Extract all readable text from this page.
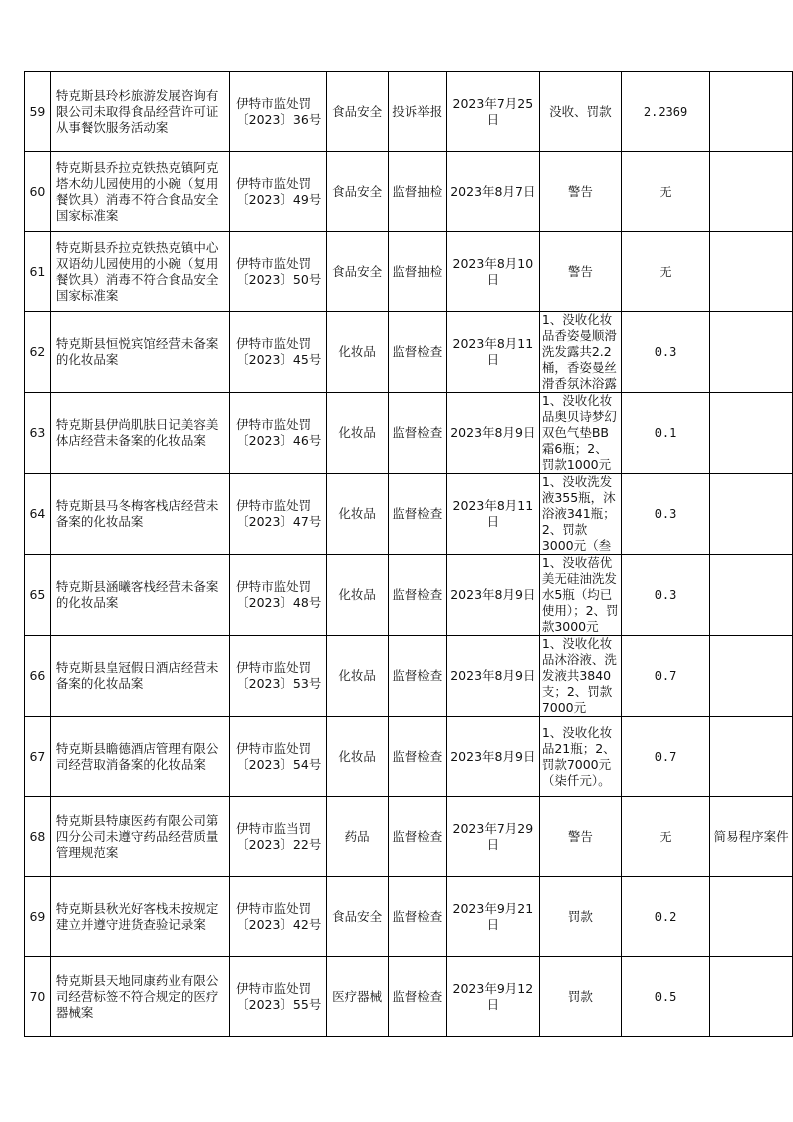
59	特克斯县玲杉旅游发展咨询有限公司未取得食品经营许可证从事餐饮服务活动案	伊特市监处罚〔2023〕36号	食品安全	投诉举报	2023年7月25日	没收、罚款	2.2369	

60	特克斯县乔拉克铁热克镇阿克塔木幼儿园使用的小碗（复用餐饮具）消毒不符合食品安全国家标准案	伊特市监处罚〔2023〕49号	食品安全	监督抽检	2023年8月7日	警告	无	

61	特克斯县乔拉克铁热克镇中心双语幼儿园使用的小碗（复用餐饮具）消毒不符合食品安全国家标准案	伊特市监处罚〔2023〕50号	食品安全	监督抽检	2023年8月10日	警告	无	

62	特克斯县恒悦宾馆经营未备案的化妆品案	伊特市监处罚〔2023〕45号	化妆品	监督检查	2023年8月11日	1、没收化妆品香姿曼顺滑洗发露共2.2桶，香姿曼丝滑香氛沐浴露	0.3	

63	特克斯县伊尚肌肤日记美容美体店经营未备案的化妆品案	伊特市监处罚〔2023〕46号	化妆品	监督检查	2023年8月9日	1、没收化妆品奥贝诗梦幻双色气垫BB霜6瓶；2、罚款1000元	0.1	

64	特克斯县马冬梅客栈店经营未备案的化妆品案	伊特市监处罚〔2023〕47号	化妆品	监督检查	2023年8月11日	1、没收洗发液355瓶，沐浴液341瓶；2、罚款3000元（叁	0.3	

65	特克斯县涵曦客栈经营未备案的化妆品案	伊特市监处罚〔2023〕48号	化妆品	监督检查	2023年8月9日	1、没收蓓优美无硅油洗发水5瓶（均已使用）；2、罚款3000元	0.3	

66	特克斯县皇冠假日酒店经营未备案的化妆品案	伊特市监处罚〔2023〕53号	化妆品	监督检查	2023年8月9日	1、没收化妆品沐浴液、洗发液共3840支；2、罚款7000元	0.7	

67	特克斯县瞻德酒店管理有限公司经营取消备案的化妆品案	伊特市监处罚〔2023〕54号	化妆品	监督检查	2023年8月9日	1、没收化妆品21瓶；2、罚款7000元（柒仟元）。	0.7	

68	特克斯县特康医药有限公司第四分公司未遵守药品经营质量管理规范案	伊特市监当罚〔2023〕22号	药品	监督检查	2023年7月29日	警告	无	简易程序案件

69	特克斯县秋光好客栈未按规定建立并遵守进货查验记录案	伊特市监处罚〔2023〕42号	食品安全	监督检查	2023年9月21日	罚款	0.2	

70	特克斯县天地同康药业有限公司经营标签不符合规定的医疗器械案	伊特市监处罚〔2023〕55号	医疗器械	监督检查	2023年9月12日	罚款	0.5	
